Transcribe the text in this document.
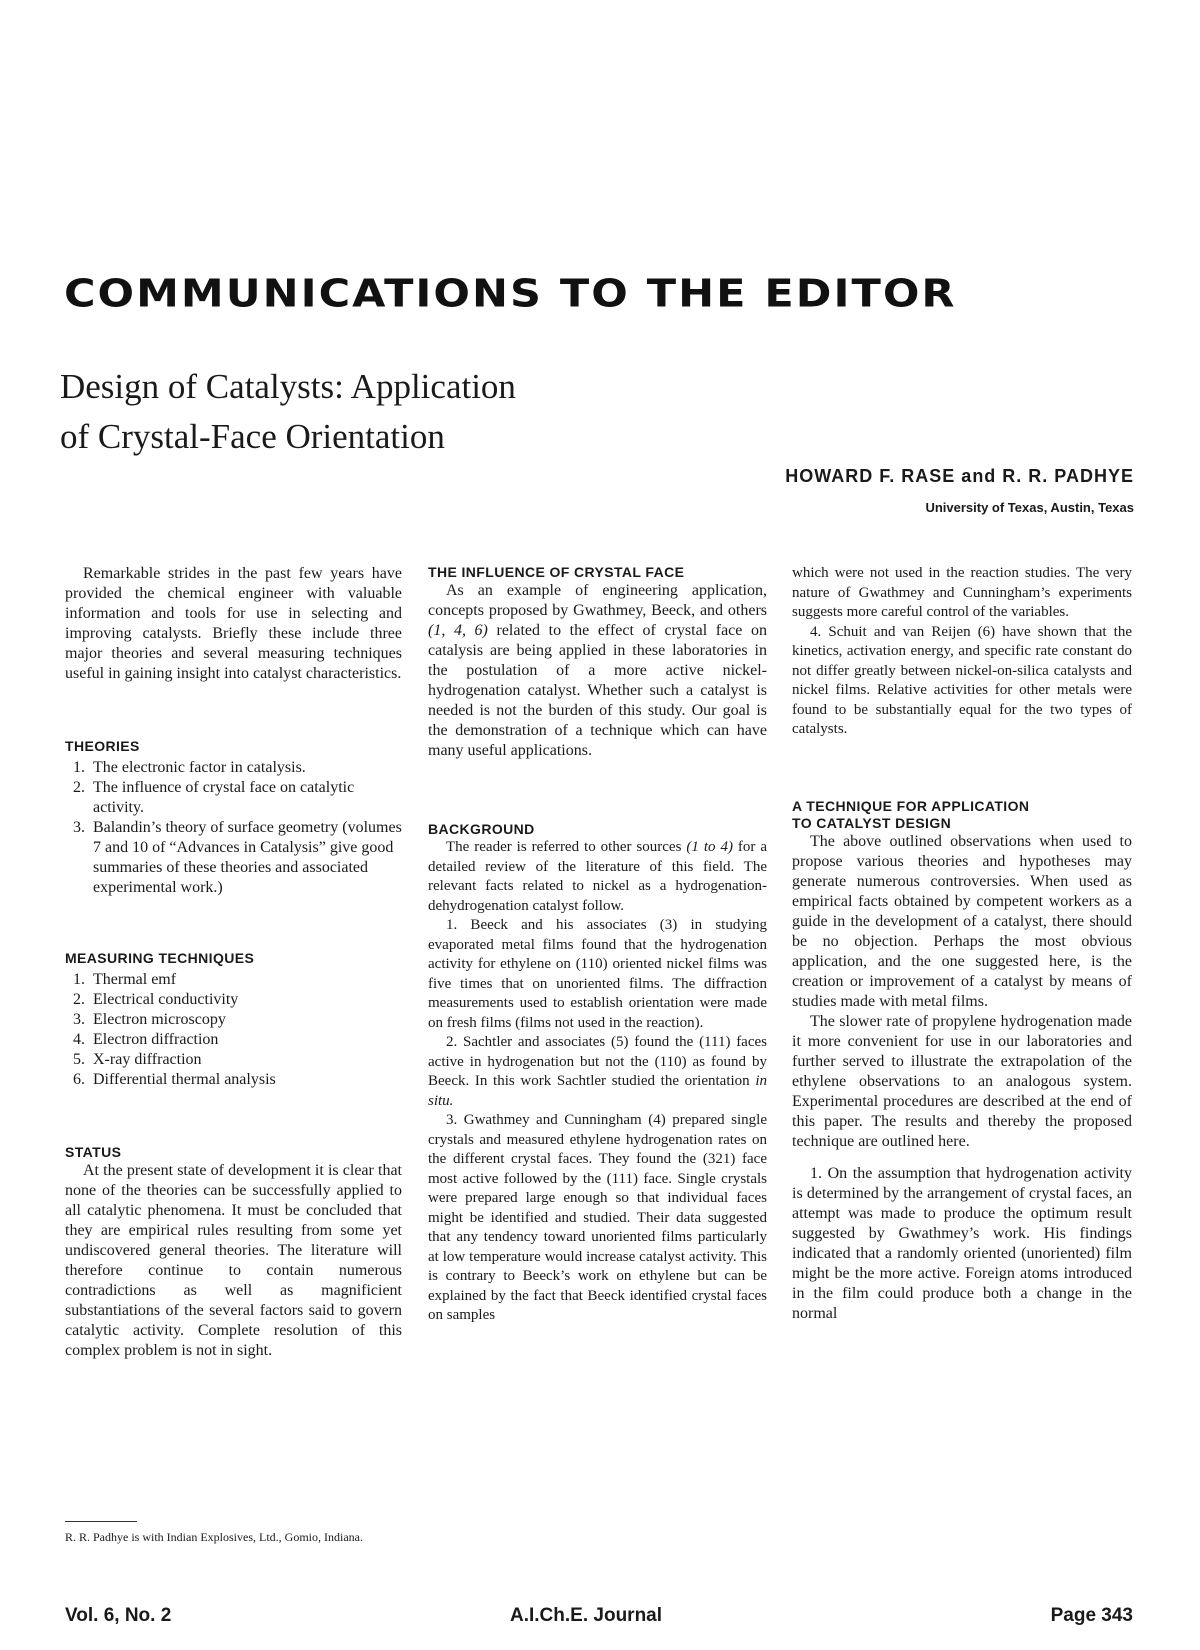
COMMUNICATIONS TO THE EDITOR
Design of Catalysts: Application
of Crystal-Face Orientation
HOWARD F. RASE and R. R. PADHYE
University of Texas, Austin, Texas

Remarkable strides in the past few years have provided the chemical engineer with valuable information and tools for use in selecting and improving catalysts. Briefly these include three major theories and several measuring techniques useful in gaining insight into catalyst characteristics.

THEORIES
1. The electronic factor in catalysis.
2. The influence of crystal face on catalytic activity.
3. Balandin’s theory of surface geometry (volumes 7 and 10 of “Advances in Catalysis” give good summaries of these theories and associated experimental work.)
MEASURING TECHNIQUES
1. Thermal emf
2. Electrical conductivity
3. Electron microscopy
4. Electron diffraction
5. X-ray diffraction
6. Differential thermal analysis
STATUS

At the present state of development it is clear that none of the theories can be successfully applied to all catalytic phenomena. It must be concluded that they are empirical rules resulting from some yet undiscovered general theories. The literature will therefore continue to contain numerous contradictions as well as magnificient substantiations of the several factors said to govern catalytic activity. Complete resolution of this complex problem is not in sight.

R. R. Padhye is with Indian Explosives, Ltd., Gomio, Indiana.
THE INFLUENCE OF CRYSTAL FACE

As an example of engineering application, concepts proposed by Gwathmey, Beeck, and others (1, 4, 6) related to the effect of crystal face on catalysis are being applied in these laboratories in the postulation of a more active nickel-hydrogenation catalyst. Whether such a catalyst is needed is not the burden of this study. Our goal is the demonstration of a technique which can have many useful applications.

BACKGROUND

The reader is referred to other sources (1 to 4) for a detailed review of the literature of this field. The relevant facts related to nickel as a hydrogenation-dehydrogenation catalyst follow.

1. Beeck and his associates (3) in studying evaporated metal films found that the hydrogenation activity for ethylene on (110) oriented nickel films was five times that on unoriented films. The diffraction measurements used to establish orientation were made on fresh films (films not used in the reaction).

2. Sachtler and associates (5) found the (111) faces active in hydrogenation but not the (110) as found by Beeck. In this work Sachtler studied the orientation in situ.

3. Gwathmey and Cunningham (4) prepared single crystals and measured ethylene hydrogenation rates on the different crystal faces. They found the (321) face most active followed by the (111) face. Single crystals were prepared large enough so that individual faces might be identified and studied. Their data suggested that any tendency toward unoriented films particularly at low temperature would increase catalyst activity. This is contrary to Beeck’s work on ethylene but can be explained by the fact that Beeck identified crystal faces on samples

which were not used in the reaction studies. The very nature of Gwathmey and Cunningham’s experiments suggests more careful control of the variables.

4. Schuit and van Reijen (6) have shown that the kinetics, activation energy, and specific rate constant do not differ greatly between nickel-on-silica catalysts and nickel films. Relative activities for other metals were found to be substantially equal for the two types of catalysts.

A TECHNIQUE FOR APPLICATION
TO CATALYST DESIGN

The above outlined observations when used to propose various theories and hypotheses may generate numerous controversies. When used as empirical facts obtained by competent workers as a guide in the development of a catalyst, there should be no objection. Perhaps the most obvious application, and the one suggested here, is the creation or improvement of a catalyst by means of studies made with metal films.

The slower rate of propylene hydrogenation made it more convenient for use in our laboratories and further served to illustrate the extrapolation of the ethylene observations to an analogous system. Experimental procedures are described at the end of this paper. The results and thereby the proposed technique are outlined here.

1. On the assumption that hydrogenation activity is determined by the arrangement of crystal faces, an attempt was made to produce the optimum result suggested by Gwathmey’s work. His findings indicated that a randomly oriented (unoriented) film might be the more active. Foreign atoms introduced in the film could produce both a change in the normal

Vol. 6, No. 2	A.I.Ch.E. Journal	Page 343
